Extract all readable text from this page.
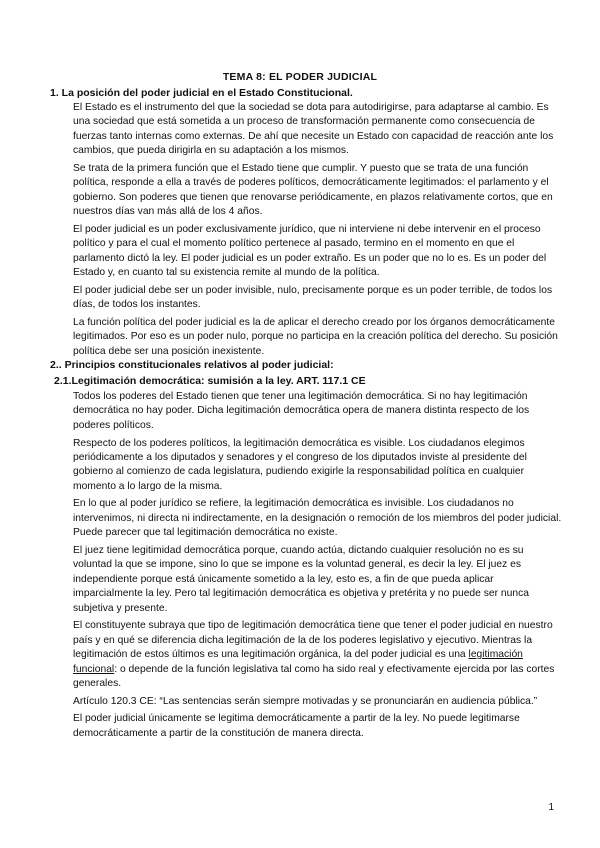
TEMA 8: EL PODER JUDICIAL
1. La posición del poder judicial en el Estado Constitucional.

El Estado es el instrumento del que la sociedad se dota para autodirigirse, para adaptarse al cambio. Es una sociedad que está sometida a un proceso de transformación permanente como consecuencia de fuerzas tanto internas como externas. De ahí que necesite un Estado con capacidad de reacción ante los cambios, que pueda dirigirla en su adaptación a los mismos.

Se trata de la primera función que el Estado tiene que cumplir. Y puesto que se trata de una función política, responde a ella a través de poderes políticos, democráticamente legitimados: el parlamento y el gobierno. Son poderes que tienen que renovarse periódicamente, en plazos relativamente cortos, que en nuestros días van más allá de los 4 años.

El poder judicial es un poder exclusivamente jurídico, que ni interviene ni debe intervenir en el proceso político y para el cual el momento político pertenece al pasado, termino en el momento en que el parlamento dictó la ley. El poder judicial es un poder extraño. Es un poder que no lo es. Es un poder del Estado y, en cuanto tal su existencia remite al mundo de la política.

El poder judicial debe ser un poder invisible, nulo, precisamente porque es un poder terrible, de todos los días, de todos los instantes.

La función política del poder judicial es la de aplicar el derecho creado por los órganos democráticamente legitimados. Por eso es un poder nulo, porque no participa en la creación política del derecho. Su posición política debe ser una posición inexistente.

2.. Principios constitucionales relativos al poder judicial:
2.1.Legitimación democrática: sumisión a la ley. ART. 117.1 CE

Todos los poderes del Estado tienen que tener una legitimación democrática. Si no hay legitimación democrática no hay poder. Dicha legitimación democrática opera de manera distinta respecto de los poderes políticos.

Respecto de los poderes políticos, la legitimación democrática es visible. Los ciudadanos elegimos periódicamente a los diputados y senadores y el congreso de los diputados inviste al presidente del gobierno al comienzo de cada legislatura, pudiendo exigirle la responsabilidad política en cualquier momento a lo largo de la misma.

En lo que al poder jurídico se refiere, la legitimación democrática es invisible. Los ciudadanos no intervenimos, ni directa ni indirectamente, en la designación o remoción de los miembros del poder judicial. Puede parecer que tal legitimación democrática no existe.

El juez tiene legitimidad democrática porque, cuando actúa, dictando cualquier resolución no es su voluntad la que se impone, sino lo que se impone es la voluntad general, es decir la ley. El juez es independiente porque está únicamente sometido a la ley, esto es, a fin de que pueda aplicar imparcialmente la ley. Pero tal legitimación democrática es objetiva y pretérita y no puede ser nunca subjetiva y presente.

El constituyente subraya que tipo de legitimación democrática tiene que tener el poder judicial en nuestro país y en qué se diferencia dicha legitimación de la de los poderes legislativo y ejecutivo. Mientras la legitimación de estos últimos es una legitimación orgánica, la del poder judicial es una legitimación funcional: o depende de la función legislativa tal como ha sido real y efectivamente ejercida por las cortes generales.

Artículo 120.3 CE: “Las sentencias serán siempre motivadas y se pronunciarán en audiencia pública.”

El poder judicial únicamente se legitima democráticamente a partir de la ley. No puede legitimarse democráticamente a partir de la constitución de manera directa.

1
